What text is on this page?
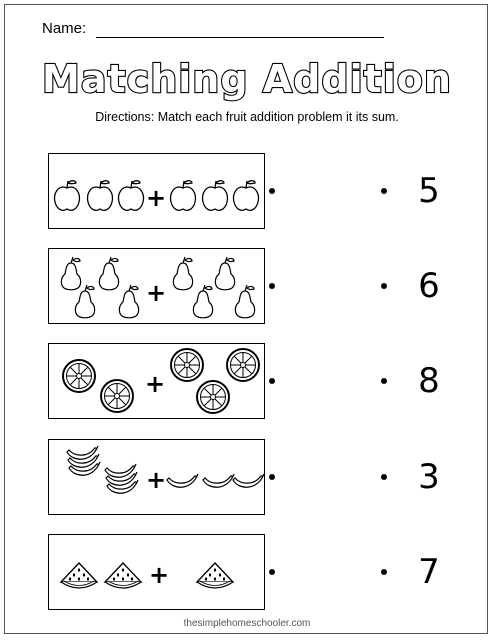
Name:
Matching Addition
Directions: Match each fruit addition problem it its sum.
+
+
+
+
+
5
6
8
3
7
thesimplehomeschooler.com
